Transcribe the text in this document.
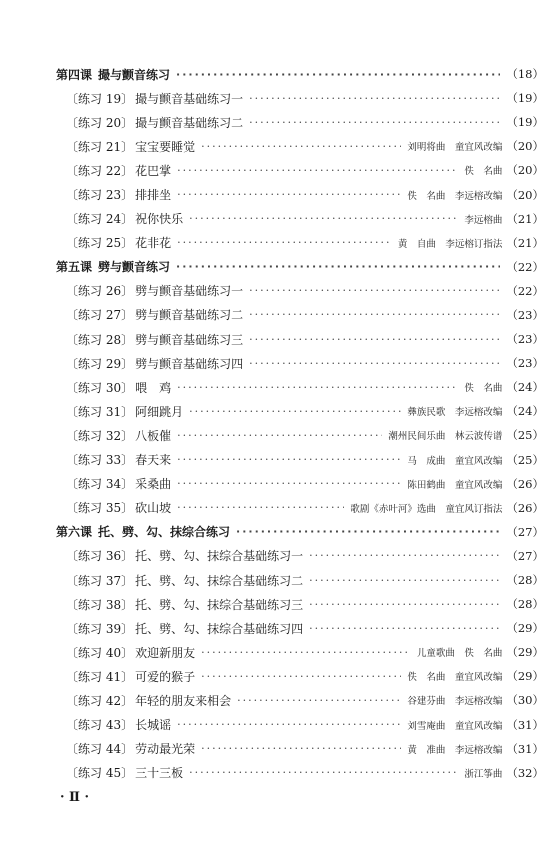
第四课 撮与颤音练习 ·····	（18）
〔练习 19〕 撮与颤音基础练习一 ·····	（19）
〔练习 20〕 撮与颤音基础练习二 ·····	（19）
〔练习 21〕 宝宝要睡觉 ·····	刘明将曲　童宜风改编 （20）
〔练习 22〕 花巴掌 ·····	佚　名曲 （20）
〔练习 23〕 排排坐 ·····	佚　名曲　李远榕改编 （20）
〔练习 24〕 祝你快乐 ·····	李远榕曲 （21）
〔练习 25〕 花非花 ·····	黄　自曲　李远榕订指法 （21）
第五课 劈与颤音练习 ·····	（22）
〔练习 26〕 劈与颤音基础练习一 ·····	（22）
〔练习 27〕 劈与颤音基础练习二 ·····	（23）
〔练习 28〕 劈与颤音基础练习三 ·····	（23）
〔练习 29〕 劈与颤音基础练习四 ·····	（23）
〔练习 30〕 喂　鸡 ·····	佚　名曲 （24）
〔练习 31〕 阿细跳月 ·····	彝族民歌　李远榕改编 （24）
〔练习 32〕 八板催 ·····	潮州民间乐曲　林云波传谱 （25）
〔练习 33〕 春天来 ·····	马　成曲　童宜风改编 （25）
〔练习 34〕 采桑曲 ·····	陈田鹤曲　童宜风改编 （26）
〔练习 35〕 砍山坡 ·····	歌剧《赤叶河》选曲　童宜风订指法 （26）
第六课 托、劈、勾、抹综合练习 ·····	（27）
〔练习 36〕 托、劈、勾、抹综合基础练习一 ·····	（27）
〔练习 37〕 托、劈、勾、抹综合基础练习二 ·····	（28）
〔练习 38〕 托、劈、勾、抹综合基础练习三 ·····	（28）
〔练习 39〕 托、劈、勾、抹综合基础练习四 ·····	（29）
〔练习 40〕 欢迎新朋友 ·····	儿童歌曲　佚　名曲 （29）
〔练习 41〕 可爱的猴子 ·····	佚　名曲　童宜风改编 （29）
〔练习 42〕 年轻的朋友来相会 ·····	谷建芬曲　李远榕改编 （30）
〔练习 43〕 长城谣 ·····	刘雪庵曲　童宜风改编 （31）
〔练习 44〕 劳动最光荣 ·····	黄　准曲　李远榕改编 （31）
〔练习 45〕 三十三板 ·····	浙江筝曲 （32）
· Ⅱ ·
